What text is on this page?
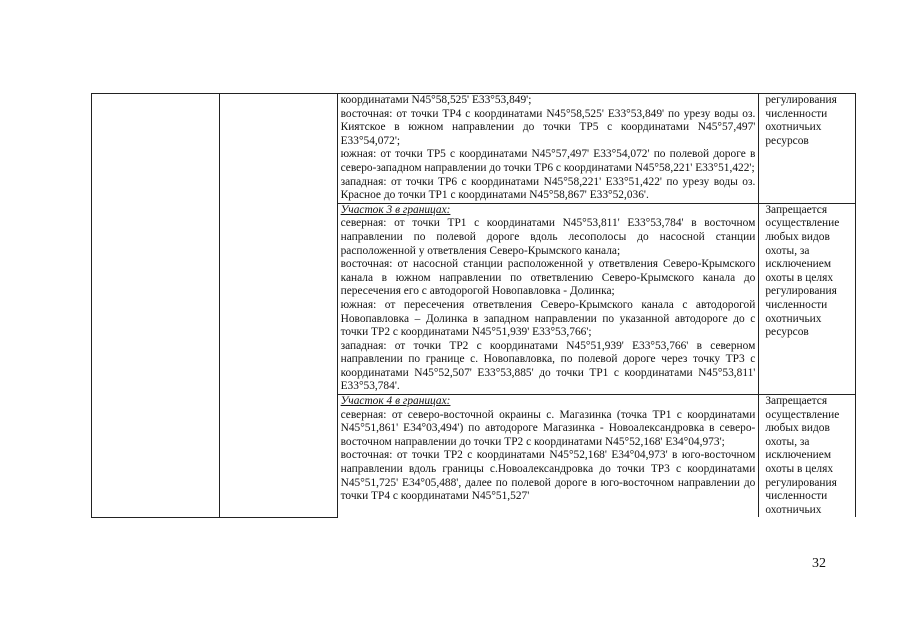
		координатами N45°58,525' E33°53,849';

восточная: от точки ТР4 с координатами N45°58,525' E33°53,849' по урезу воды оз. Киятское в южном направлении до точки ТР5 с координатами N45°57,497' E33°54,072';

южная: от точки ТР5 с координатами N45°57,497' E33°54,072' по полевой дороге в северо-западном направлении до точки ТР6 с координатами N45°58,221' E33°51,422';

западная: от точки ТР6 с координатами N45°58,221' E33°51,422' по урезу воды оз. Красное до точки ТР1 с координатами N45°58,867' E33°52,036'.	регулирования численности охотничьих ресурсов

		Участок 3 в границах:

северная: от точки ТР1 с координатами N45°53,811' E33°53,784' в восточном направлении по полевой дороге вдоль лесополосы до насосной станции расположенной у ответвления Северо-Крымского канала;

восточная: от насосной станции расположенной у ответвления Северо-Крымского канала в южном направлении по ответвлению Северо-Крымского канала до пересечения его с автодорогой Новопавловка - Долинка;

южная: от пересечения ответвления Северо-Крымского канала с автодорогой Новопавловка – Долинка в западном направлении по указанной автодороге до с точки ТР2 с координатами N45°51,939' E33°53,766';

западная: от точки ТР2 с координатами N45°51,939' E33°53,766' в северном направлении по границе с. Новопавловка, по полевой дороге через точку ТР3 с координатами N45°52,507' E33°53,885' до точки ТР1 с координатами N45°53,811' E33°53,784'.	Запрещается осуществление любых видов охоты, за исключением охоты в целях регулирования численности охотничьих ресурсов

		Участок 4 в границах:

северная: от северо-восточной окраины с. Магазинка (точка ТР1 с координатами N45°51,861' E34°03,494') по автодороге Магазинка - Новоалександровка в северо-восточном направлении до точки ТР2 с координатами N45°52,168' E34°04,973';

восточная: от точки ТР2 с координатами N45°52,168' E34°04,973' в юго-восточном направлении вдоль границы с.Новоалександровка до точки ТР3 с координатами N45°51,725' E34°05,488', далее по полевой дороге в юго-восточном направлении до точки ТР4 с координатами N45°51,527'	Запрещается осуществление любых видов охоты, за исключением охоты в целях регулирования численности охотничьих

32
